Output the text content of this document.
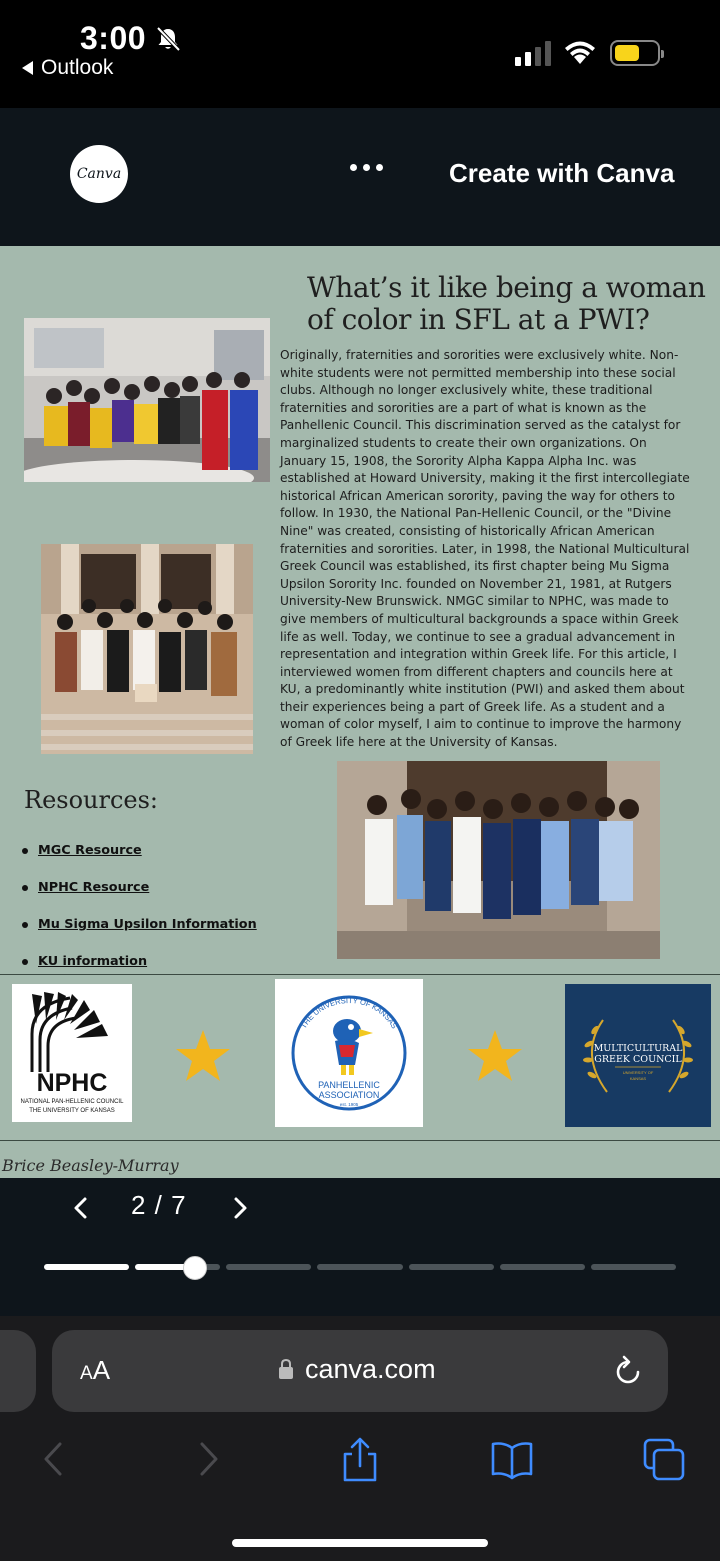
3:00
Outlook
Canva	Create with Canva
What’s it like being a woman
of color in SFL at a PWI?
Originally, fraternities and sororities were exclusively white. Non-white students were not permitted membership into these social clubs. Although no longer exclusively white, these traditional fraternities and sororities are a part of what is known as the Panhellenic Council. This discrimination served as the catalyst for marginalized students to create their own organizations. On January 15, 1908, the Sorority Alpha Kappa Alpha Inc. was established at Howard University, making it the first intercollegiate historical African American sorority, paving the way for others to follow. In 1930, the National Pan-Hellenic Council, or the "Divine Nine" was created, consisting of historically African American fraternities and sororities. Later, in 1998, the National Multicultural Greek Council was established, its first chapter being Mu Sigma Upsilon Sorority Inc. founded on November 21, 1981, at Rutgers University-New Brunswick. NMGC similar to NPHC, was made to give members of multicultural backgrounds a space within Greek life as well. Today, we continue to see a gradual advancement in representation and integration within Greek life. For this article, I interviewed women from different chapters and councils here at KU, a predominantly white institution (PWI) and asked them about their experiences being a part of Greek life. As a student and a woman of color myself, I aim to continue to improve the harmony of Greek life here at the University of Kansas.
Resources:
MGC Resource
NPHC Resource
Mu Sigma Upsilon Information
KU information
NPHC
NATIONAL PAN-HELLENIC COUNCIL
THE UNIVERSITY OF KANSAS
THE UNIVERSITY OF KANSAS
PANHELLENIC
ASSOCIATION
est. 1905
MULTICULTURAL
GREEK COUNCIL
UNIVERSITY OF
KANSAS
Brice Beasley-Murray
2 / 7
AA	canva.com
